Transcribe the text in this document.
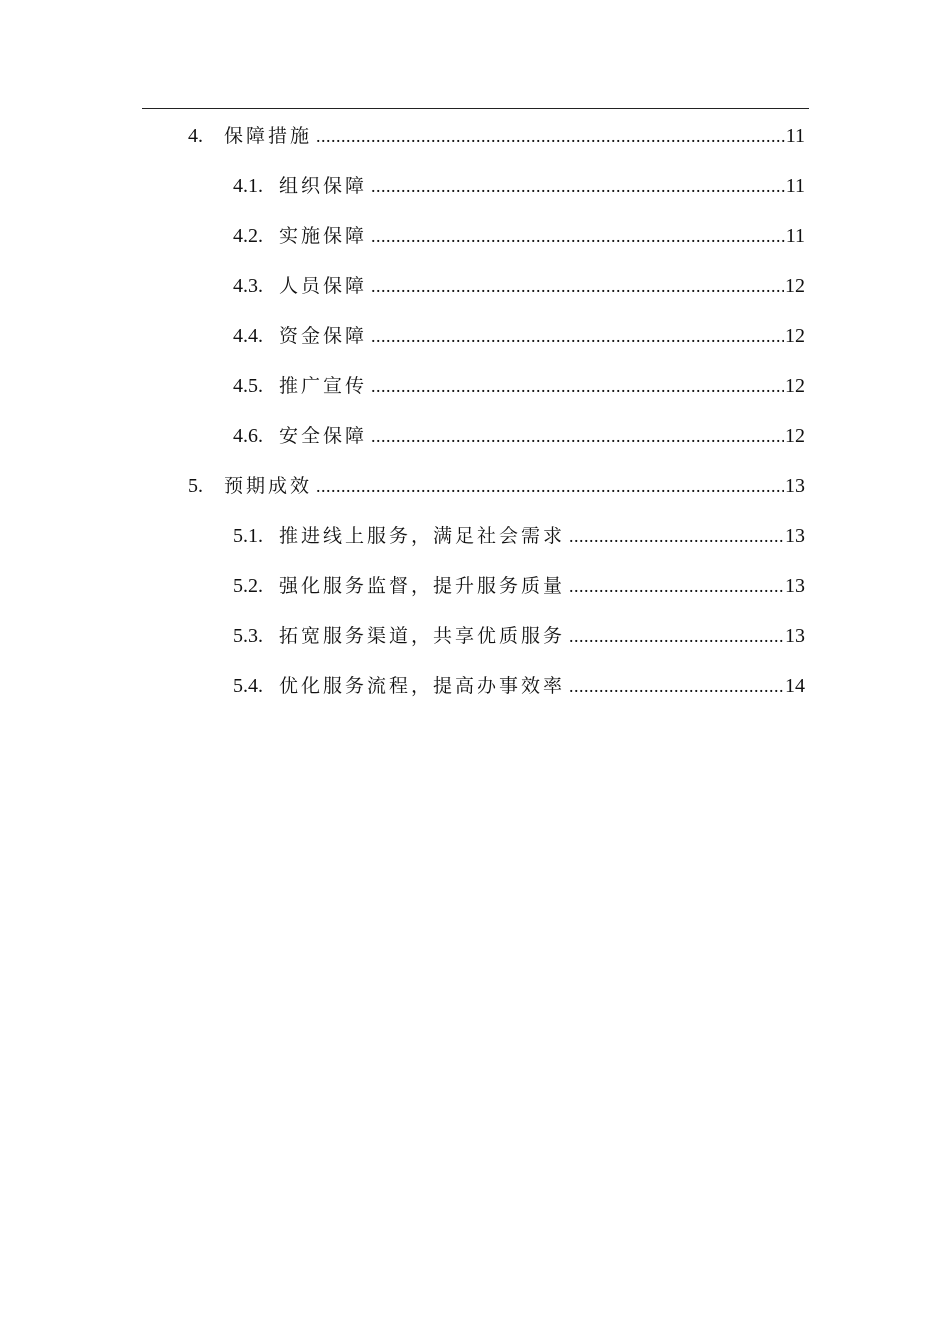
4.	保障措施 .....	11
4.1. 组织保障 .....	11
4.2. 实施保障 .....	11
4.3. 人员保障 .....	12
4.4. 资金保障 .....	12
4.5. 推广宣传 .....	12
4.6. 安全保障 .....	12
5.	预期成效 .....	13
5.1. 推进线上服务，满足社会需求 .....	13
5.2. 强化服务监督，提升服务质量 .....	13
5.3. 拓宽服务渠道，共享优质服务 .....	13
5.4. 优化服务流程，提高办事效率 .....	14
